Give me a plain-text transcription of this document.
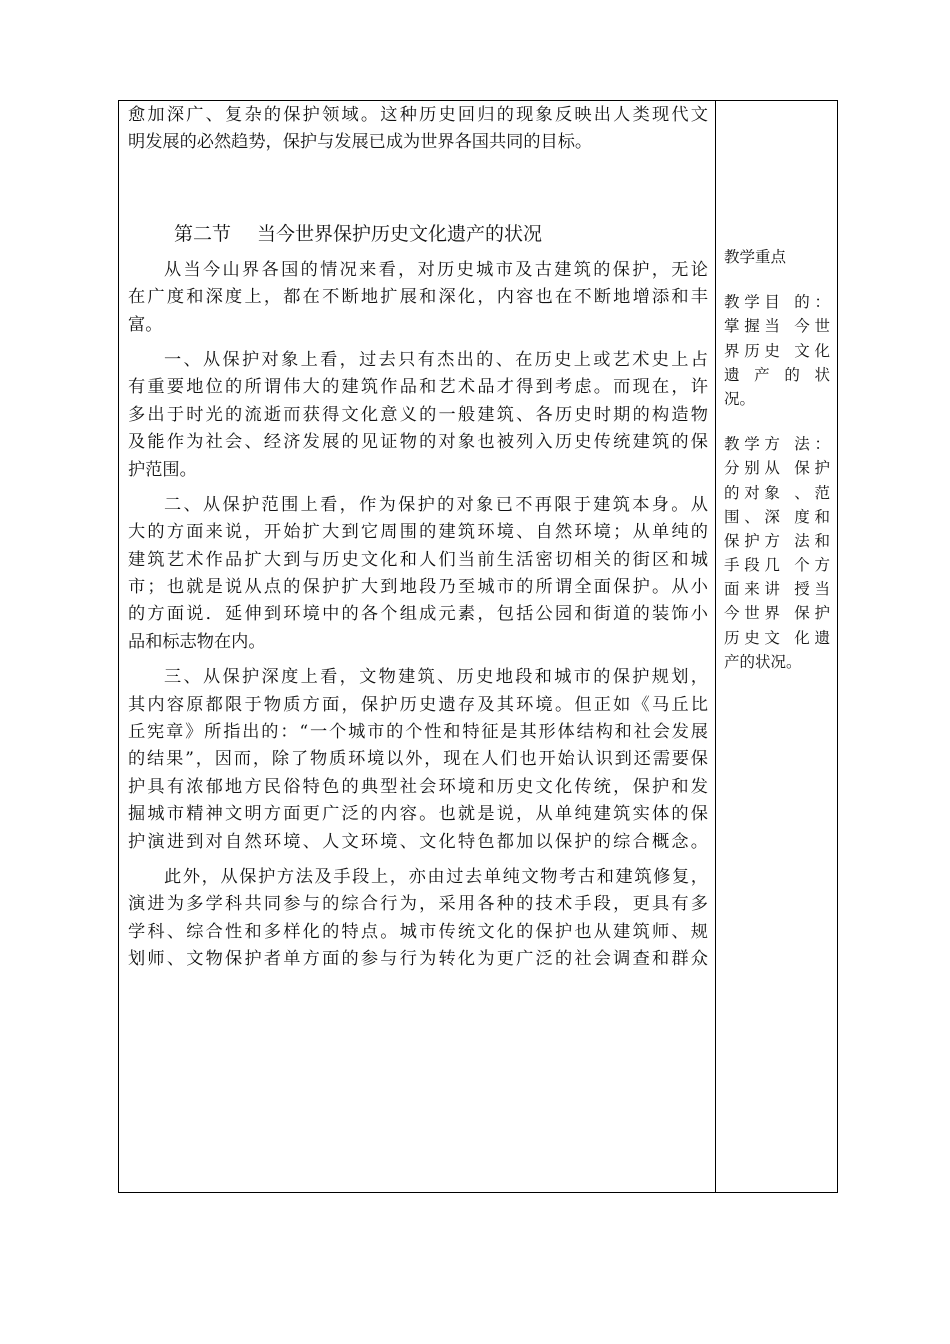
愈加深广、复杂的保护领域。这种历史回归的现象反映出人类现代文
明发展的必然趋势，保护与发展已成为世界各国共同的目标。
第二节 当今世界保护历史文化遗产的状况
从当今山界各国的情况来看，对历史城市及古建筑的保护，无论
在广度和深度上，都在不断地扩展和深化，内容也在不断地增添和丰
富。
一、从保护对象上看，过去只有杰出的、在历史上或艺术史上占
有重要地位的所谓伟大的建筑作品和艺术品才得到考虑。而现在，许
多出于时光的流逝而获得文化意义的一般建筑、各历史时期的构造物
及能作为社会、经济发展的见证物的对象也被列入历史传统建筑的保
护范围。
二、从保护范围上看，作为保护的对象已不再限于建筑本身。从
大的方面来说，开始扩大到它周围的建筑环境、自然环境；从单纯的
建筑艺术作品扩大到与历史文化和人们当前生活密切相关的街区和城
市；也就是说从点的保护扩大到地段乃至城市的所谓全面保护。从小
的方面说．延伸到环境中的各个组成元素，包括公园和街道的装饰小
品和标志物在内。
三、从保护深度上看，文物建筑、历史地段和城市的保护规划，
其内容原都限于物质方面，保护历史遗存及其环境。但正如《马丘比
丘宪章》所指出的：“一个城市的个性和特征是其形体结构和社会发展
的结果”，因而，除了物质环境以外，现在人们也开始认识到还需要保
护具有浓郁地方民俗特色的典型社会环境和历史文化传统，保护和发
掘城市精神文明方面更广泛的内容。也就是说，从单纯建筑实体的保
护演进到对自然环境、人文环境、文化特色都加以保护的综合概念。
此外，从保护方法及手段上，亦由过去单纯文物考古和建筑修复，
演进为多学科共同参与的综合行为，采用各种的技术手段，更具有多
学科、综合性和多样化的特点。城市传统文化的保护也从建筑师、规
划师、文物保护者单方面的参与行为转化为更广泛的社会调查和群众
教学重点
教学目 的：
掌握当 今世
界历史 文化
遗 产 的 状
况。
教学方 法：
分别从 保护
的对象 、范
围、深 度和
保护方 法和
手段几 个方
面来讲 授当
今世界 保护
历史文 化遗
产的状况。
